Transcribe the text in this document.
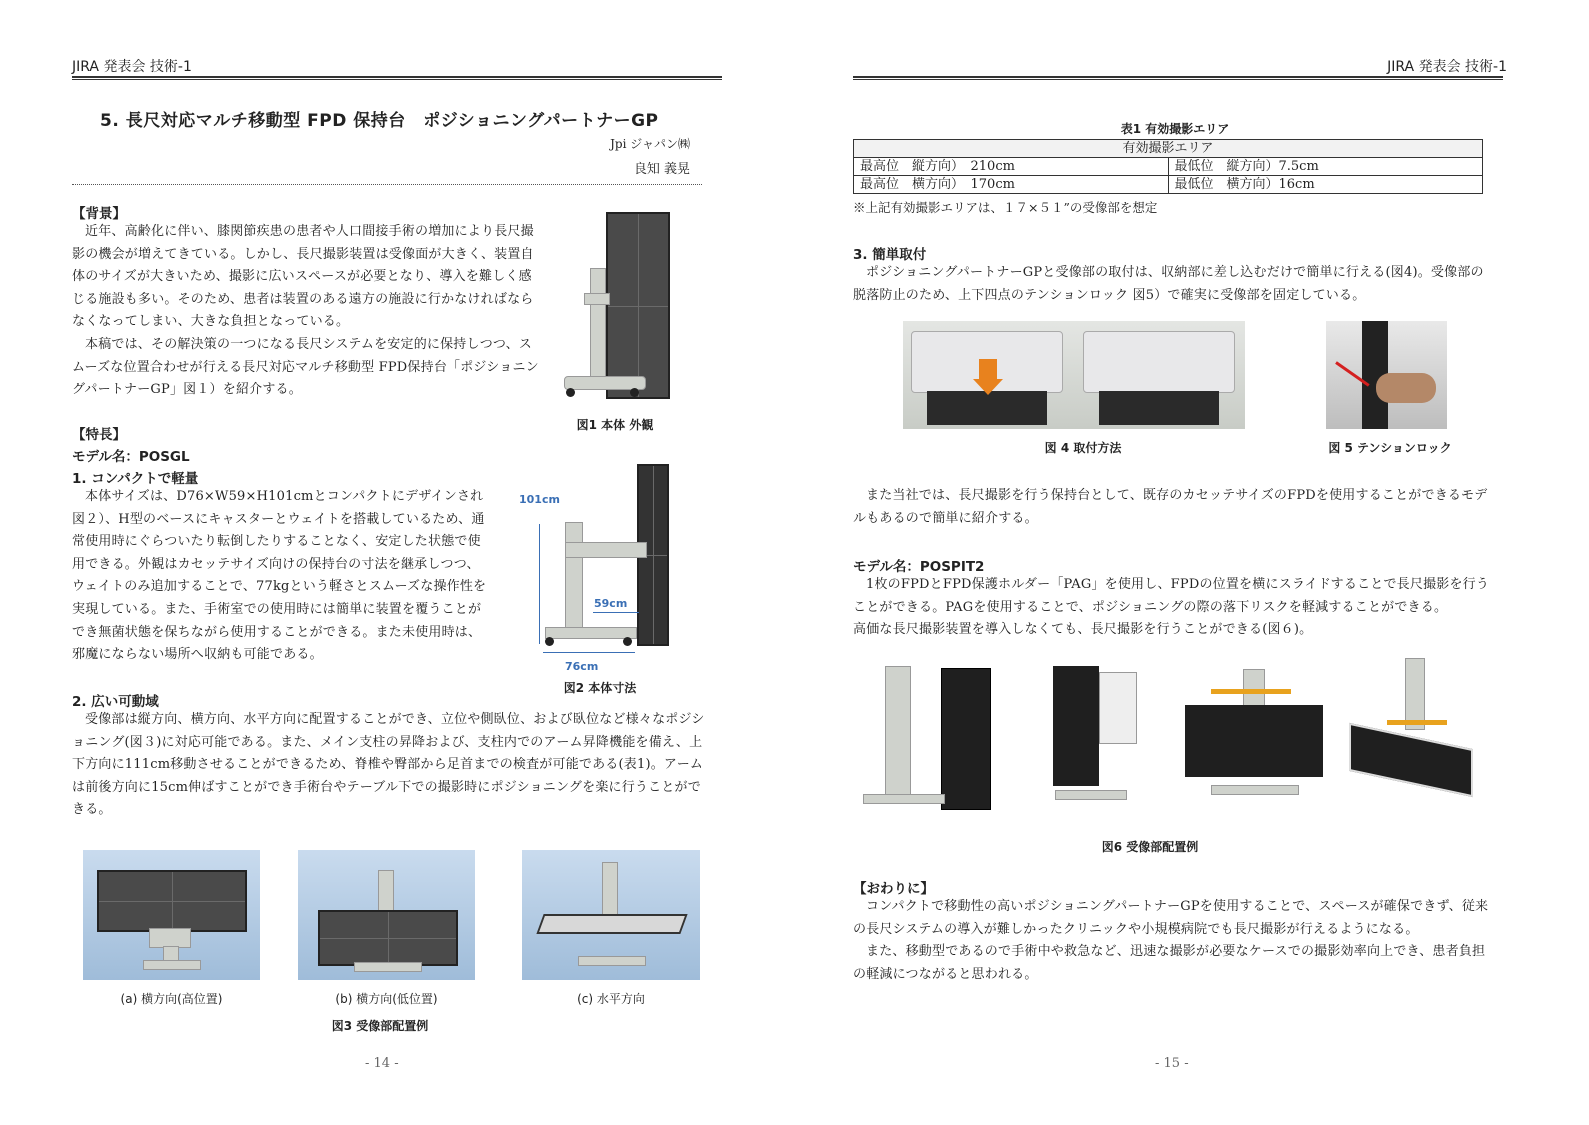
JIRA 発表会 技術-1
5. 長尺対応マルチ移動型 FPD 保持台　ポジショニングパートナーGP
Jpi ジャパン㈱
良知 義晃
【背景】

近年、高齢化に伴い、膝関節疾患の患者や人口間接手術の増加により長尺撮影の機会が増えてきている。しかし、長尺撮影装置は受像面が大きく、装置自体のサイズが大きいため、撮影に広いスペースが必要となり、導入を難しく感じる施設も多い。そのため、患者は装置のある遠方の施設に行かなければならなくなってしまい、大きな負担となっている。

本稿では、その解決策の一つになる長尺システムを安定的に保持しつつ、スムーズな位置合わせが行える長尺対応マルチ移動型 FPD保持台「ポジショニングパートナーGP」図１）を紹介する。

図1 本体 外観
【特長】
モデル名：POSGL
1. コンパクトで軽量

本体サイズは、D76×W59×H101cmとコンパクトにデザインされ図２）、H型のベースにキャスターとウェイトを搭載しているため、通常使用時にぐらついたり転倒したりすることなく、安定した状態で使用できる。外観はカセッテサイズ向けの保持台の寸法を継承しつつ、ウェイトのみ追加することで、77kgという軽さとスムーズな操作性を実現している。また、手術室での使用時には簡単に装置を覆うことができ無菌状態を保ちながら使用することができる。また未使用時は、邪魔にならない場所へ収納も可能である。

101cm
59cm
76cm
図2 本体寸法
2. 広い可動域

受像部は縦方向、横方向、水平方向に配置することができ、立位や側臥位、および臥位など様々なポジショニング(図３)に対応可能である。また、メイン支柱の昇降および、支柱内でのアーム昇降機能を備え、上下方向に111cm移動させることができるため、脊椎や臀部から足首までの検査が可能である(表1)。アームは前後方向に15cm伸ばすことができ手術台やテーブル下での撮影時にポジショニングを楽に行うことができる。

(a) 横方向(高位置)	(b) 横方向(低位置)	(c) 水平方向
図3 受像部配置例
- 14 -
JIRA 発表会 技術-1
表1 有効撮影エリア
有効撮影エリア	
最高位　縦方向）　210cm	最低位　縦方向）7.5cm
最高位　横方向）　170cm	最低位　横方向）16cm
※上記有効撮影エリアは、１７×５１”の受像部を想定
3. 簡単取付

ポジショニングパートナーGPと受像部の取付は、収納部に差し込むだけで簡単に行える(図4)。受像部の脱落防止のため、上下四点のテンションロック 図5）で確実に受像部を固定している。

図 4 取付方法	図 5 テンションロック

また当社では、長尺撮影を行う保持台として、既存のカセッテサイズのFPDを使用することができるモデルもあるので簡単に紹介する。

モデル名：POSPIT2

1枚のFPDとFPD保護ホルダー「PAG」を使用し、FPDの位置を横にスライドすることで長尺撮影を行うことができる。PAGを使用することで、ポジショニングの際の落下リスクを軽減することができる。

高価な長尺撮影装置を導入しなくても、長尺撮影を行うことができる(図６)。

図6 受像部配置例
【おわりに】

コンパクトで移動性の高いポジショニングパートナーGPを使用することで、スペースが確保できず、従来の長尺システムの導入が難しかったクリニックや小規模病院でも長尺撮影が行えるようになる。

また、移動型であるので手術中や救急など、迅速な撮影が必要なケースでの撮影効率向上でき、患者負担の軽減につながると思われる。

- 15 -
